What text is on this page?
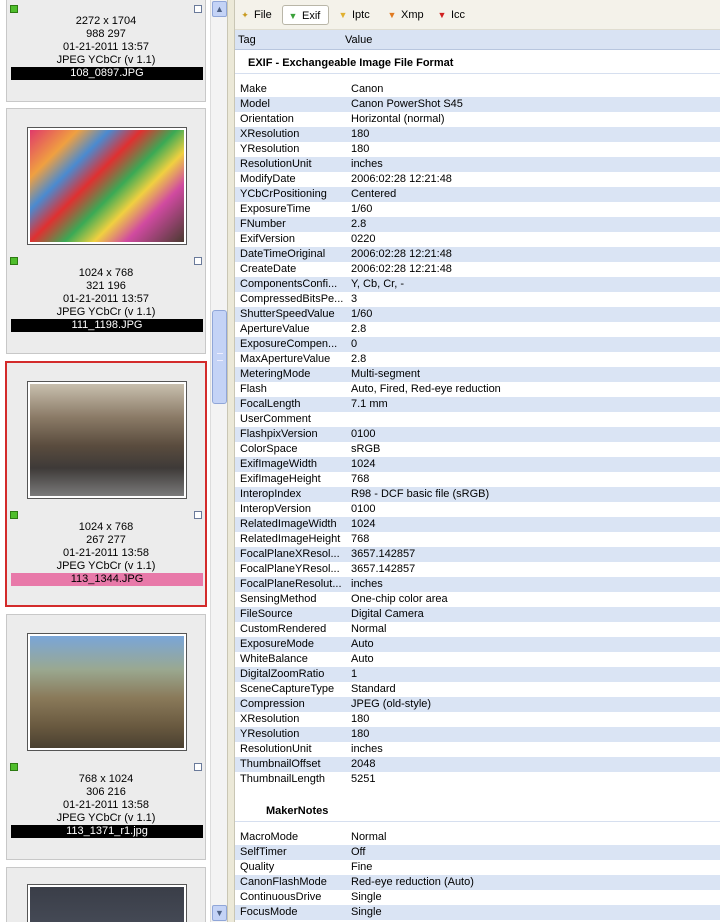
2272 x 1704
988 297
01-21-2011 13:57
JPEG YCbCr (v 1.1)
108_0897.JPG
1024 x 768
321 196
01-21-2011 13:57
JPEG YCbCr (v 1.1)
111_1198.JPG
1024 x 768
267 277
01-21-2011 13:58
JPEG YCbCr (v 1.1)
113_1344.JPG
768 x 1024
306 216
01-21-2011 13:58
JPEG YCbCr (v 1.1)
113_1371_r1.jpg
▲
▼
✦ File	▼ Exif	▼ Iptc	▼ Xmp	▼ Icc
Tag	Value
EXIF - Exchangeable Image File Format
Make	Canon
Model	Canon PowerShot S45
Orientation	Horizontal (normal)
XResolution	180
YResolution	180
ResolutionUnit	inches
ModifyDate	2006:02:28 12:21:48
YCbCrPositioning	Centered
ExposureTime	1/60
FNumber	2.8
ExifVersion	0220
DateTimeOriginal	2006:02:28 12:21:48
CreateDate	2006:02:28 12:21:48
ComponentsConfi...	Y, Cb, Cr, -
CompressedBitsPe... 3
ShutterSpeedValue	1/60
ApertureValue	2.8
ExposureCompen...	0
MaxApertureValue	2.8
MeteringMode	Multi-segment
Flash	Auto, Fired, Red-eye reduction
FocalLength	7.1 mm
UserComment
FlashpixVersion	0100
ColorSpace	sRGB
ExifImageWidth	1024
ExifImageHeight	768
InteropIndex	R98 - DCF basic file (sRGB)
InteropVersion	0100
RelatedImageWidth	1024
RelatedImageHeight 768
FocalPlaneXResol...	3657.142857
FocalPlaneYResol...	3657.142857
FocalPlaneResolut... inches
SensingMethod	One-chip color area
FileSource	Digital Camera
CustomRendered	Normal
ExposureMode	Auto
WhiteBalance	Auto
DigitalZoomRatio	1
SceneCaptureType	Standard
Compression	JPEG (old-style)
XResolution	180
YResolution	180
ResolutionUnit	inches
ThumbnailOffset	2048
ThumbnailLength	5251
MakerNotes
MacroMode	Normal
SelfTimer	Off
Quality	Fine
CanonFlashMode	Red-eye reduction (Auto)
ContinuousDrive	Single
FocusMode	Single
